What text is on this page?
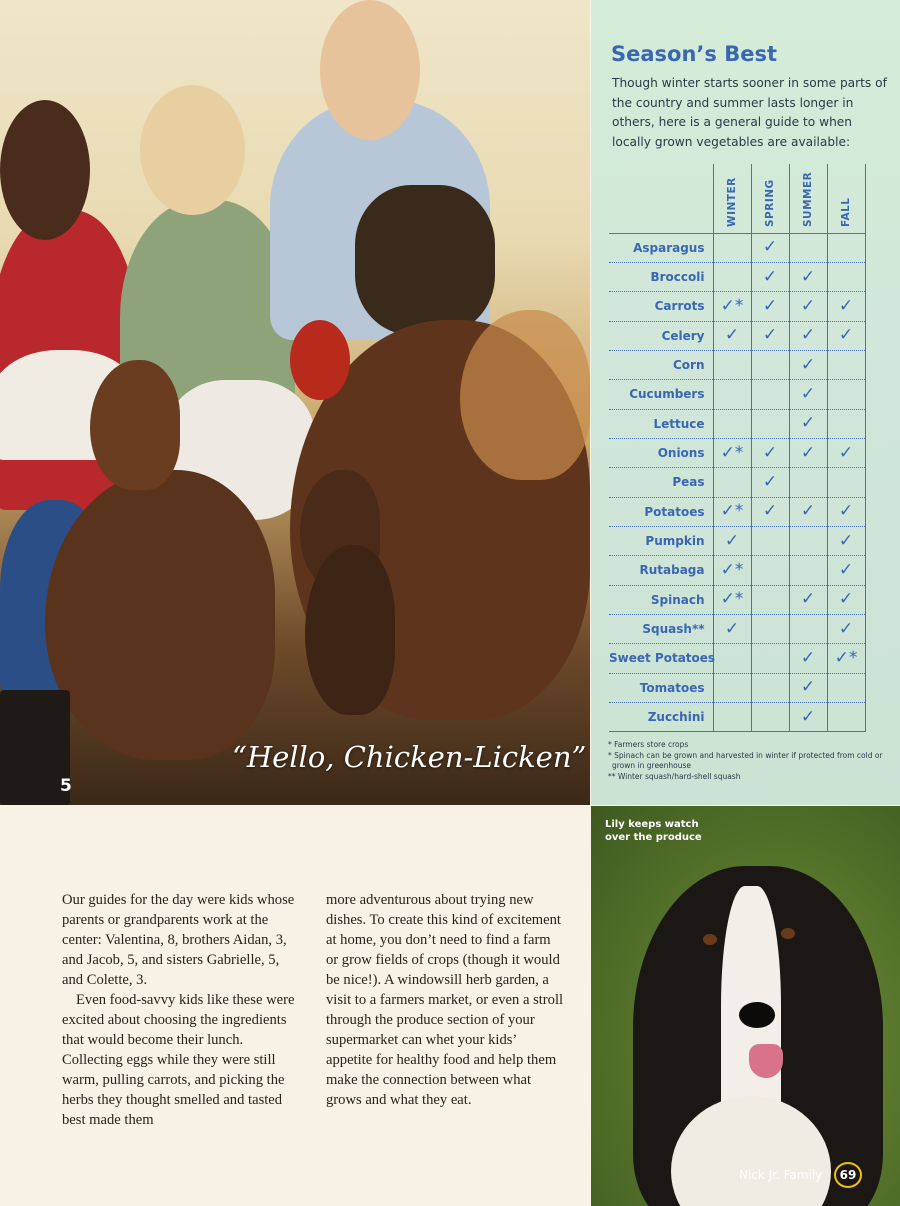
5
“Hello, Chicken-Licken”
Season’s Best

Though winter starts sooner in some parts of the country and summer lasts longer in others, here is a general guide to when locally grown vegetables are available:

	WINTER	SPRING	SUMMER	FALL
Asparagus		✓		
Broccoli		✓	✓	
Carrots	✓*	✓	✓	✓
Celery	✓	✓	✓	✓
Corn			✓	
Cucumbers			✓	
Lettuce			✓	
Onions	✓*	✓	✓	✓
Peas		✓		
Potatoes	✓*	✓	✓	✓
Pumpkin	✓			✓
Rutabaga	✓*			✓
Spinach	✓*		✓	✓
Squash**	✓			✓
Sweet Potatoes			✓	✓*
Tomatoes			✓	
Zucchini			✓	
* Farmers store crops
* Spinach can be grown and harvested in winter if protected from cold or grown in greenhouse
** Winter squash/hard-shell squash

Our guides for the day were kids whose parents or grandparents work at the center: Valentina, 8, brothers Aidan, 3, and Jacob, 5, and sisters Gabrielle, 5, and Colette, 3.

Even food-savvy kids like these were excited about choosing the ingredients that would become their lunch. Collecting eggs while they were still warm, pulling carrots, and picking the herbs they thought smelled and tasted best made them

more adventurous about trying new dishes. To create this kind of excitement at home, you don’t need to find a farm or grow fields of crops (though it would be nice!). A windowsill herb garden, a visit to a farmers market, or even a stroll through the produce section of your supermarket can whet your kids’ appetite for healthy food and help them make the connection between what grows and what they eat.

Lily keeps watch over the produce
Nick Jr. Family	69
